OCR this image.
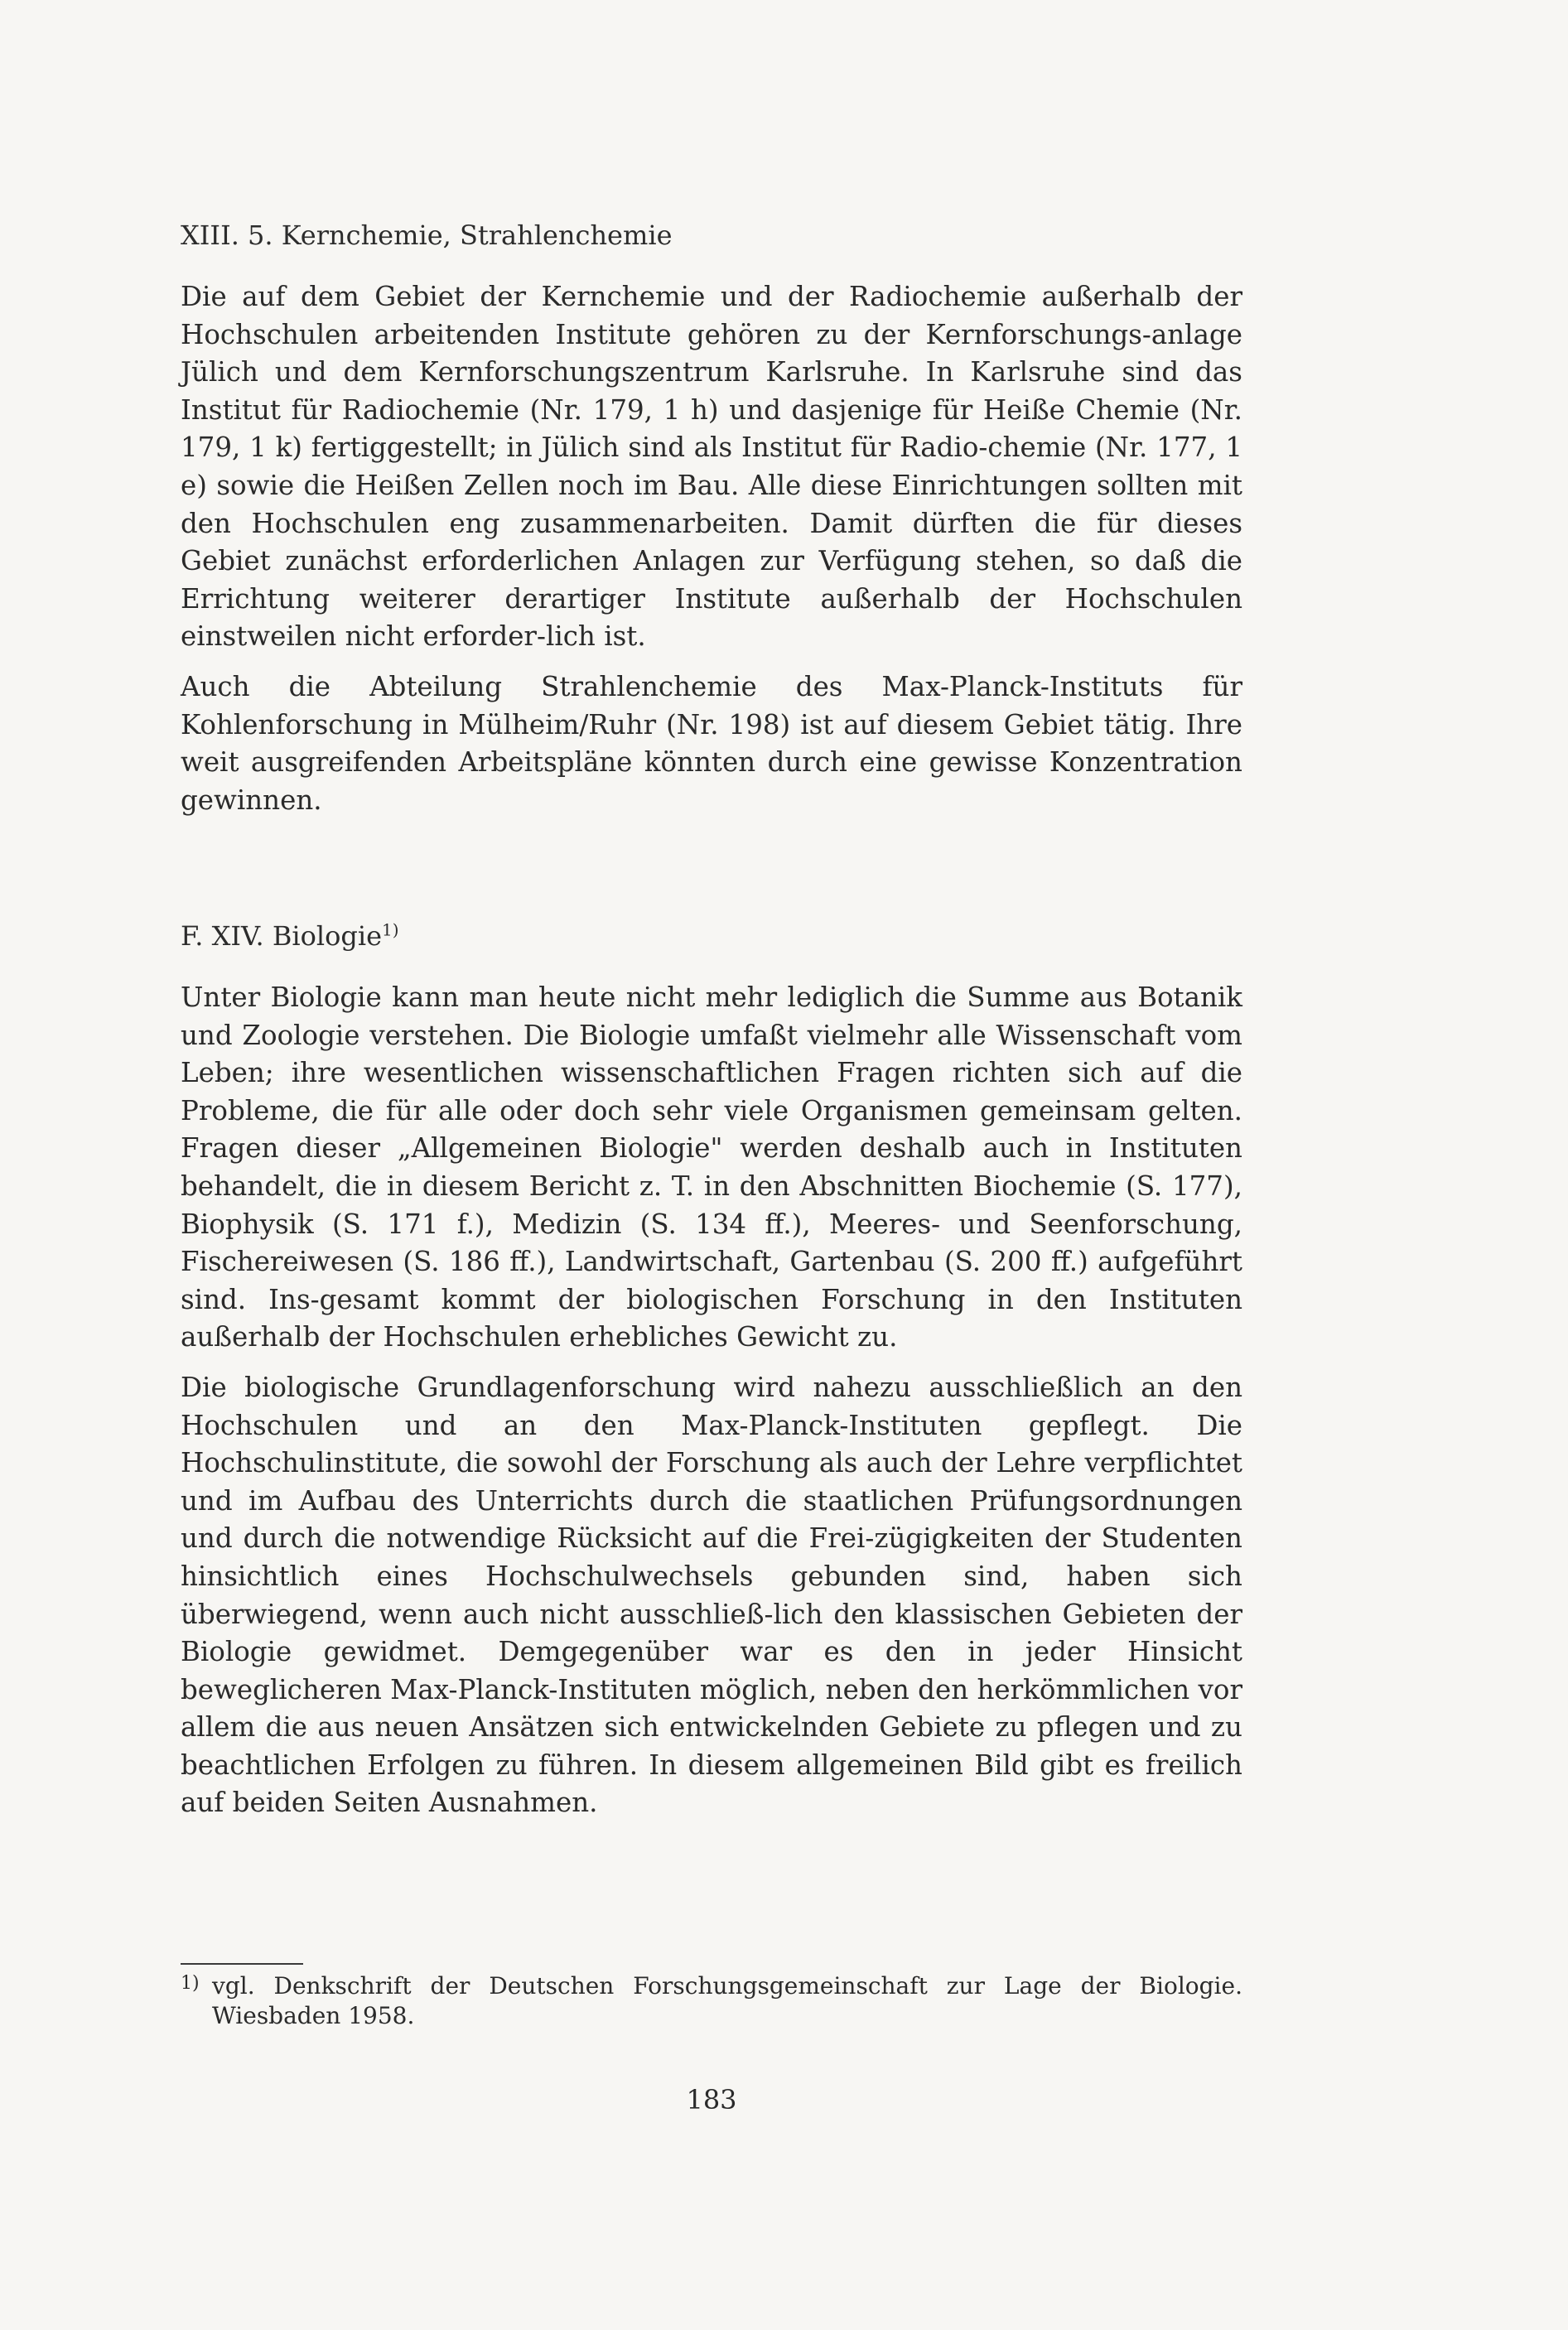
XIII. 5. Kernchemie, Strahlenchemie

Die auf dem Gebiet der Kernchemie und der Radiochemie außerhalb der Hochschulen arbeitenden Institute gehören zu der Kernforschungs-anlage Jülich und dem Kernforschungszentrum Karlsruhe. In Karlsruhe sind das Institut für Radiochemie (Nr. 179, 1 h) und dasjenige für Heiße Chemie (Nr. 179, 1 k) fertiggestellt; in Jülich sind als Institut für Radio-chemie (Nr. 177, 1 e) sowie die Heißen Zellen noch im Bau. Alle diese Einrichtungen sollten mit den Hochschulen eng zusammenarbeiten. Damit dürften die für dieses Gebiet zunächst erforderlichen Anlagen zur Verfügung stehen, so daß die Errichtung weiterer derartiger Institute außerhalb der Hochschulen einstweilen nicht erforder-lich ist.

Auch die Abteilung Strahlenchemie des Max-Planck-Instituts für Kohlenforschung in Mülheim/Ruhr (Nr. 198) ist auf diesem Gebiet tätig. Ihre weit ausgreifenden Arbeitspläne könnten durch eine gewisse Konzentration gewinnen.

F. XIV. Biologie$^{1)}$

Unter Biologie kann man heute nicht mehr lediglich die Summe aus Botanik und Zoologie verstehen. Die Biologie umfaßt vielmehr alle Wissenschaft vom Leben; ihre wesentlichen wissenschaftlichen Fragen richten sich auf die Probleme, die für alle oder doch sehr viele Organismen gemeinsam gelten. Fragen dieser „Allgemeinen Biologie" werden deshalb auch in Instituten behandelt, die in diesem Bericht z. T. in den Abschnitten Biochemie (S. 177), Biophysik (S. 171 f.), Medizin (S. 134 ff.), Meeres- und Seenforschung, Fischereiwesen (S. 186 ff.), Landwirtschaft, Gartenbau (S. 200 ff.) aufgeführt sind. Ins-gesamt kommt der biologischen Forschung in den Instituten außerhalb der Hochschulen erhebliches Gewicht zu.

Die biologische Grundlagenforschung wird nahezu ausschließlich an den Hochschulen und an den Max-Planck-Instituten gepflegt. Die Hochschulinstitute, die sowohl der Forschung als auch der Lehre verpflichtet und im Aufbau des Unterrichts durch die staatlichen Prüfungsordnungen und durch die notwendige Rücksicht auf die Frei-zügigkeiten der Studenten hinsichtlich eines Hochschulwechsels gebunden sind, haben sich überwiegend, wenn auch nicht ausschließ-lich den klassischen Gebieten der Biologie gewidmet. Demgegenüber war es den in jeder Hinsicht beweglicheren Max-Planck-Instituten möglich, neben den herkömmlichen vor allem die aus neuen Ansätzen sich entwickelnden Gebiete zu pflegen und zu beachtlichen Erfolgen zu führen. In diesem allgemeinen Bild gibt es freilich auf beiden Seiten Ausnahmen.

1) vgl. Denkschrift der Deutschen Forschungsgemeinschaft zur Lage der Biologie. Wiesbaden 1958.
183
